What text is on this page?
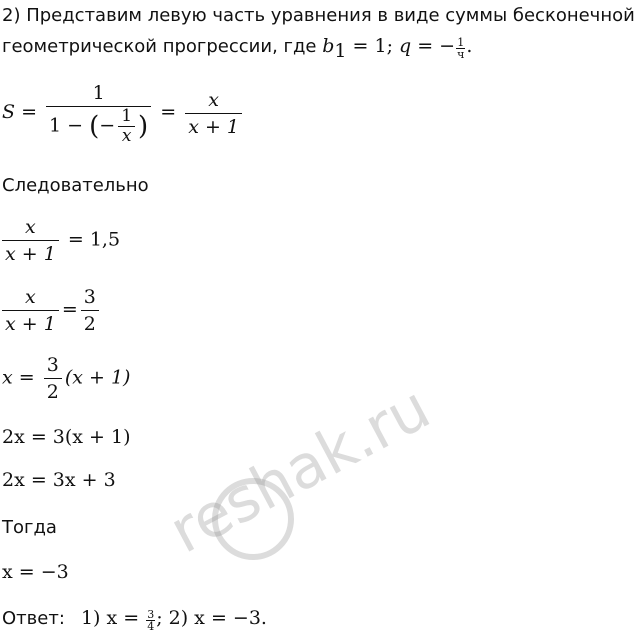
2) Представим левую часть уравнения в виде суммы бесконечной
геометрической прогрессии, где $b_1 = 1$; q = − $\frac{1}{ч}$ .
$S = \frac{1}{1 - (- \frac{1}{x} )} = \frac{x}{x + 1}$
Следовательно
$\frac{x}{x + 1} = 1,5$
$\frac{x}{x + 1} = \frac{3}{2}$
$x = \frac{3}{2} (x + 1)$
2x = 3(x + 1)
2x = 3x + 3
Тогда
x = −3
Ответ: 1) $x = \frac{3}{4}$ ; 2) x = −3.
reshak.ru
